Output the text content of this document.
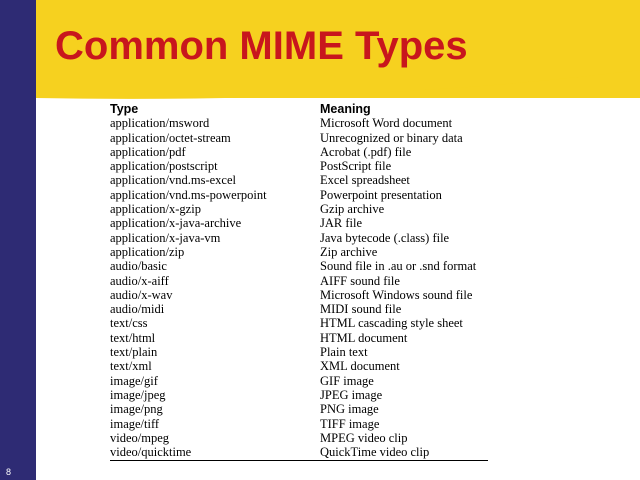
Common MIME Types
Type	Meaning
application/msword	Microsoft Word document
application/octet-stream	Unrecognized or binary data
application/pdf	Acrobat (.pdf) file
application/postscript	PostScript file
application/vnd.ms-excel	Excel spreadsheet
application/vnd.ms-powerpoint	Powerpoint presentation
application/x-gzip	Gzip archive
application/x-java-archive	JAR file
application/x-java-vm	Java bytecode (.class) file
application/zip	Zip archive
audio/basic	Sound file in .au or .snd format
audio/x-aiff	AIFF sound file
audio/x-wav	Microsoft Windows sound file
audio/midi	MIDI sound file
text/css	HTML cascading style sheet
text/html	HTML document
text/plain	Plain text
text/xml	XML document
image/gif	GIF image
image/jpeg	JPEG image
image/png	PNG image
image/tiff	TIFF image
video/mpeg	MPEG video clip
video/quicktime	QuickTime video clip
8
